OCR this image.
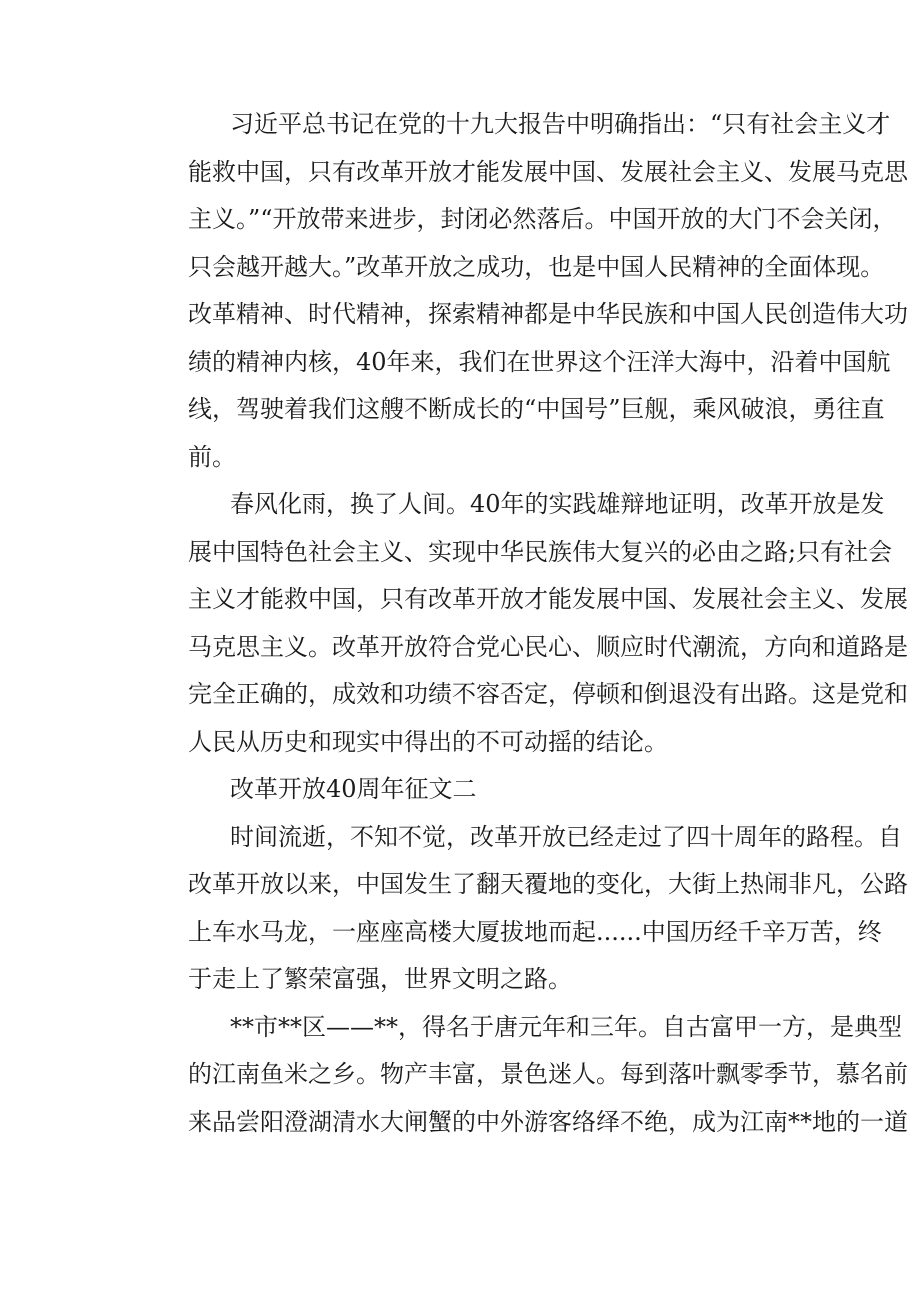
习近平总书记在党的十九大报告中明确指出：“只有社会主义才
能救中国，只有改革开放才能发展中国、发展社会主义、发展马克思
主义。”“开放带来进步，封闭必然落后。中国开放的大门不会关闭，
只会越开越大。”改革开放之成功，也是中国人民精神的全面体现。
改革精神、时代精神，探索精神都是中华民族和中国人民创造伟大功
绩的精神内核，40年来，我们在世界这个汪洋大海中，沿着中国航
线，驾驶着我们这艘不断成长的“中国号”巨舰，乘风破浪，勇往直
前。

春风化雨，换了人间。40年的实践雄辩地证明，改革开放是发
展中国特色社会主义、实现中华民族伟大复兴的必由之路;只有社会
主义才能救中国，只有改革开放才能发展中国、发展社会主义、发展
马克思主义。改革开放符合党心民心、顺应时代潮流，方向和道路是
完全正确的，成效和功绩不容否定，停顿和倒退没有出路。这是党和
人民从历史和现实中得出的不可动摇的结论。

改革开放40周年征文二

时间流逝，不知不觉，改革开放已经走过了四十周年的路程。自
改革开放以来，中国发生了翻天覆地的变化，大街上热闹非凡，公路
上车水马龙，一座座高楼大厦拔地而起......中国历经千辛万苦，终
于走上了繁荣富强，世界文明之路。

**市**区——**，得名于唐元年和三年。自古富甲一方，是典型
的江南鱼米之乡。物产丰富，景色迷人。每到落叶飘零季节，慕名前
来品尝阳澄湖清水大闸蟹的中外游客络绎不绝，成为江南**地的一道
